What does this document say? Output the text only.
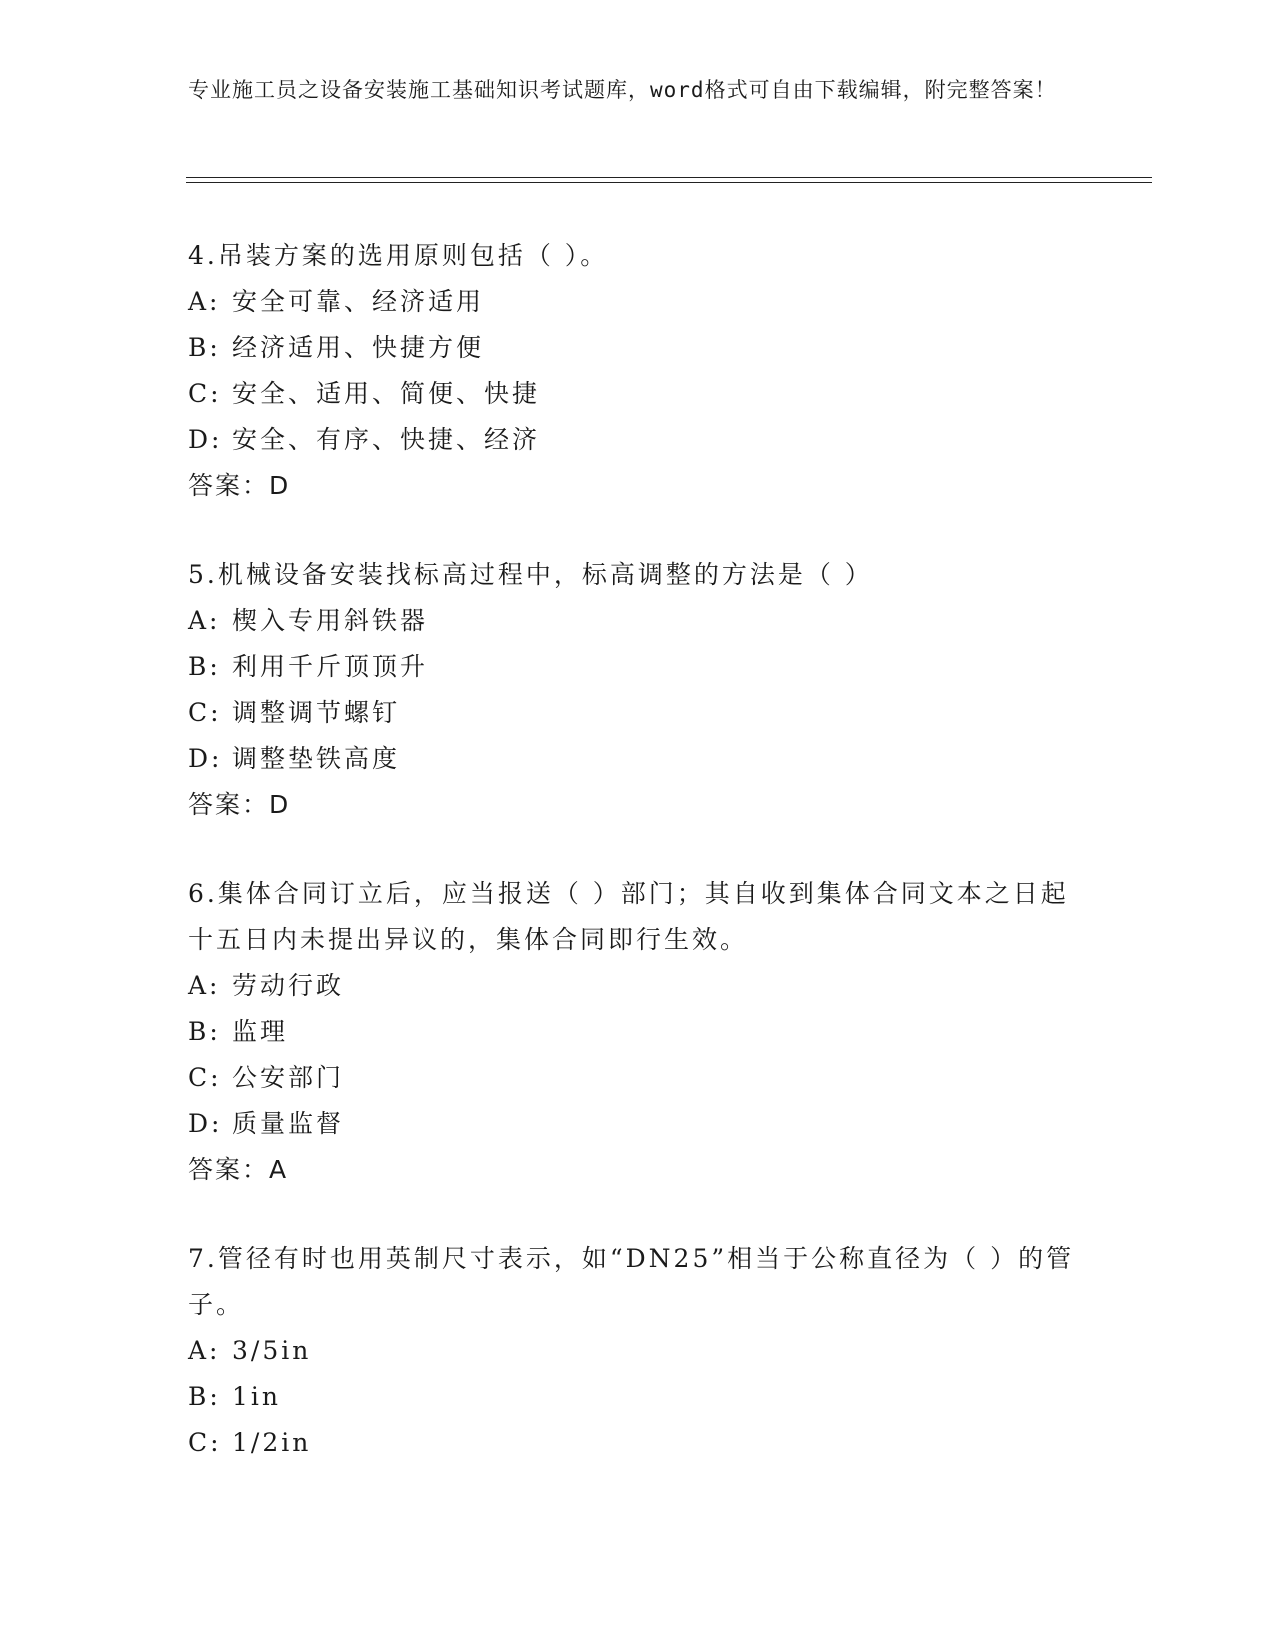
专业施工员之设备安装施工基础知识考试题库，word格式可自由下载编辑，附完整答案！
4.吊装方案的选用原则包括（ ）。
A: 安全可靠、经济适用
B: 经济适用、快捷方便
C: 安全、适用、简便、快捷
D: 安全、有序、快捷、经济
答案：D
5.机械设备安装找标高过程中，标高调整的方法是（ ）
A: 楔入专用斜铁器
B: 利用千斤顶顶升
C: 调整调节螺钉
D: 调整垫铁高度
答案：D
6.集体合同订立后，应当报送（ ）部门；其自收到集体合同文本之日起十五日内未提出异议的，集体合同即行生效。
A: 劳动行政
B: 监理
C: 公安部门
D: 质量监督
答案：A
7.管径有时也用英制尺寸表示，如“DN25”相当于公称直径为（ ）的管子。
A: 3/5in
B: 1in
C: 1/2in
